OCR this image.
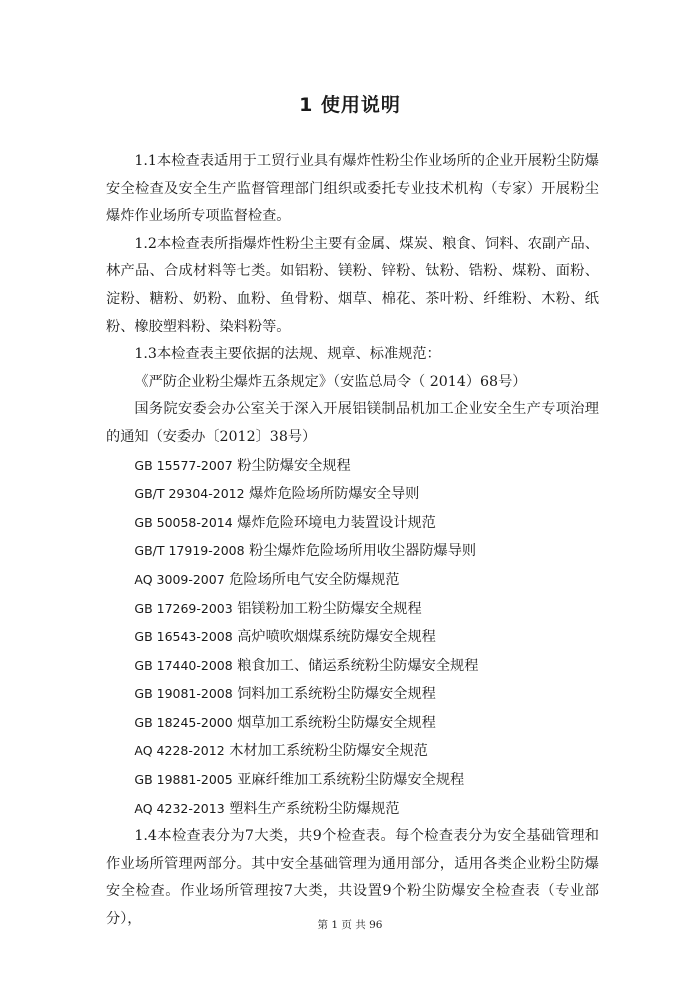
1 使用说明

1.1本检查表适用于工贸行业具有爆炸性粉尘作业场所的企业开展粉尘防爆安全检查及安全生产监督管理部门组织或委托专业技术机构（专家）开展粉尘爆炸作业场所专项监督检查。

1.2本检查表所指爆炸性粉尘主要有金属、煤炭、粮食、饲料、农副产品、林产品、合成材料等七类。如铝粉、镁粉、锌粉、钛粉、锆粉、煤粉、面粉、淀粉、糖粉、奶粉、血粉、鱼骨粉、烟草、棉花、茶叶粉、纤维粉、木粉、纸粉、橡胶塑料粉、染料粉等。

1.3本检查表主要依据的法规、规章、标准规范：

《严防企业粉尘爆炸五条规定》（安监总局令（ 2014）68号）

国务院安委会办公室关于深入开展铝镁制品机加工企业安全生产专项治理的通知（安委办〔2012〕38号）

GB 15577-2007 粉尘防爆安全规程

GB/T 29304-2012 爆炸危险场所防爆安全导则

GB 50058-2014 爆炸危险环境电力装置设计规范

GB/T 17919-2008 粉尘爆炸危险场所用收尘器防爆导则

AQ 3009-2007 危险场所电气安全防爆规范

GB 17269-2003 铝镁粉加工粉尘防爆安全规程

GB 16543-2008 高炉喷吹烟煤系统防爆安全规程

GB 17440-2008 粮食加工、储运系统粉尘防爆安全规程

GB 19081-2008 饲料加工系统粉尘防爆安全规程

GB 18245-2000 烟草加工系统粉尘防爆安全规程

AQ 4228-2012 木材加工系统粉尘防爆安全规范

GB 19881-2005 亚麻纤维加工系统粉尘防爆安全规程

AQ 4232-2013 塑料生产系统粉尘防爆规范

1.4本检查表分为7大类，共9个检查表。每个检查表分为安全基础管理和作业场所管理两部分。其中安全基础管理为通用部分，适用各类企业粉尘防爆安全检查。作业场所管理按7大类，共设置9个粉尘防爆安全检查表（专业部分），	第 1 页 共 96
